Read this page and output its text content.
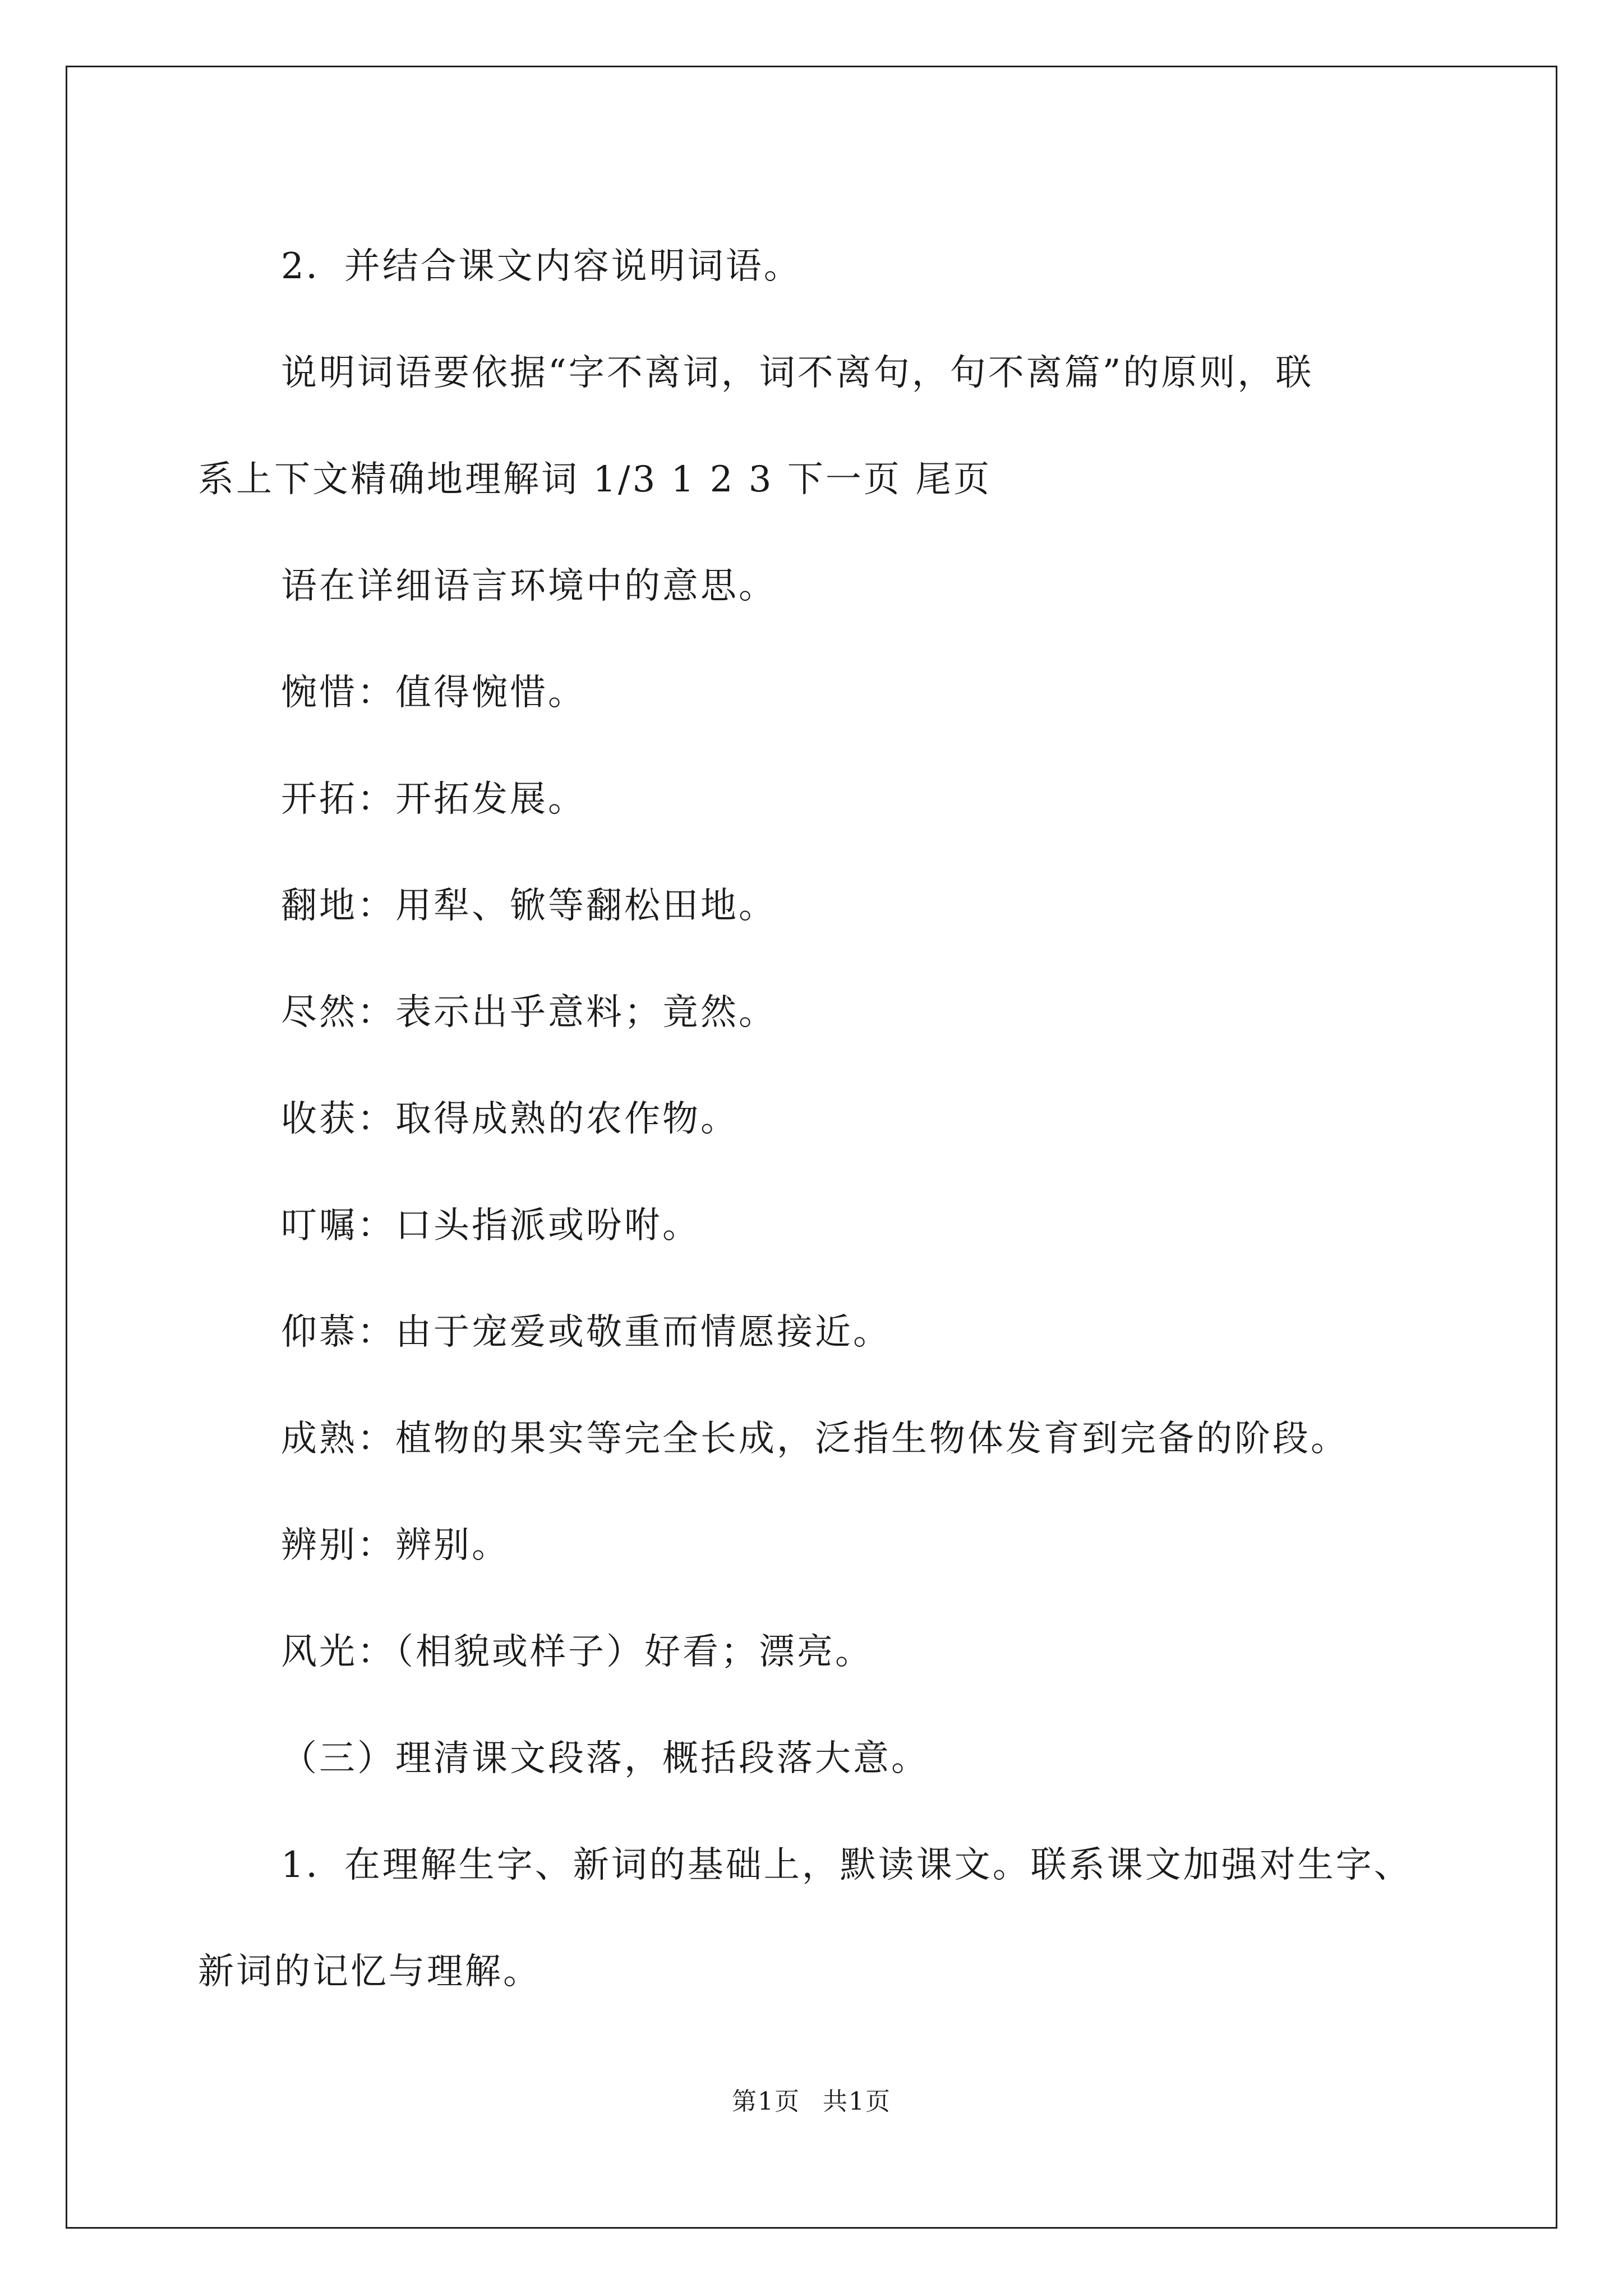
2．并结合课文内容说明词语。

说明词语要依据“字不离词，词不离句，句不离篇”的原则，联

系上下文精确地理解词 1/3 1 2 3 下一页 尾页

语在详细语言环境中的意思。

惋惜：值得惋惜。

开拓：开拓发展。

翻地：用犁、锨等翻松田地。

尽然：表示出乎意料；竟然。

收获：取得成熟的农作物。

叮嘱：口头指派或吩咐。

仰慕：由于宠爱或敬重而情愿接近。

成熟：植物的果实等完全长成，泛指生物体发育到完备的阶段。

辨别：辨别。

风光：（相貌或样子）好看；漂亮。

（三）理清课文段落，概括段落大意。

1．在理解生字、新词的基础上，默读课文。联系课文加强对生字、

新词的记忆与理解。

第1页 共1页
